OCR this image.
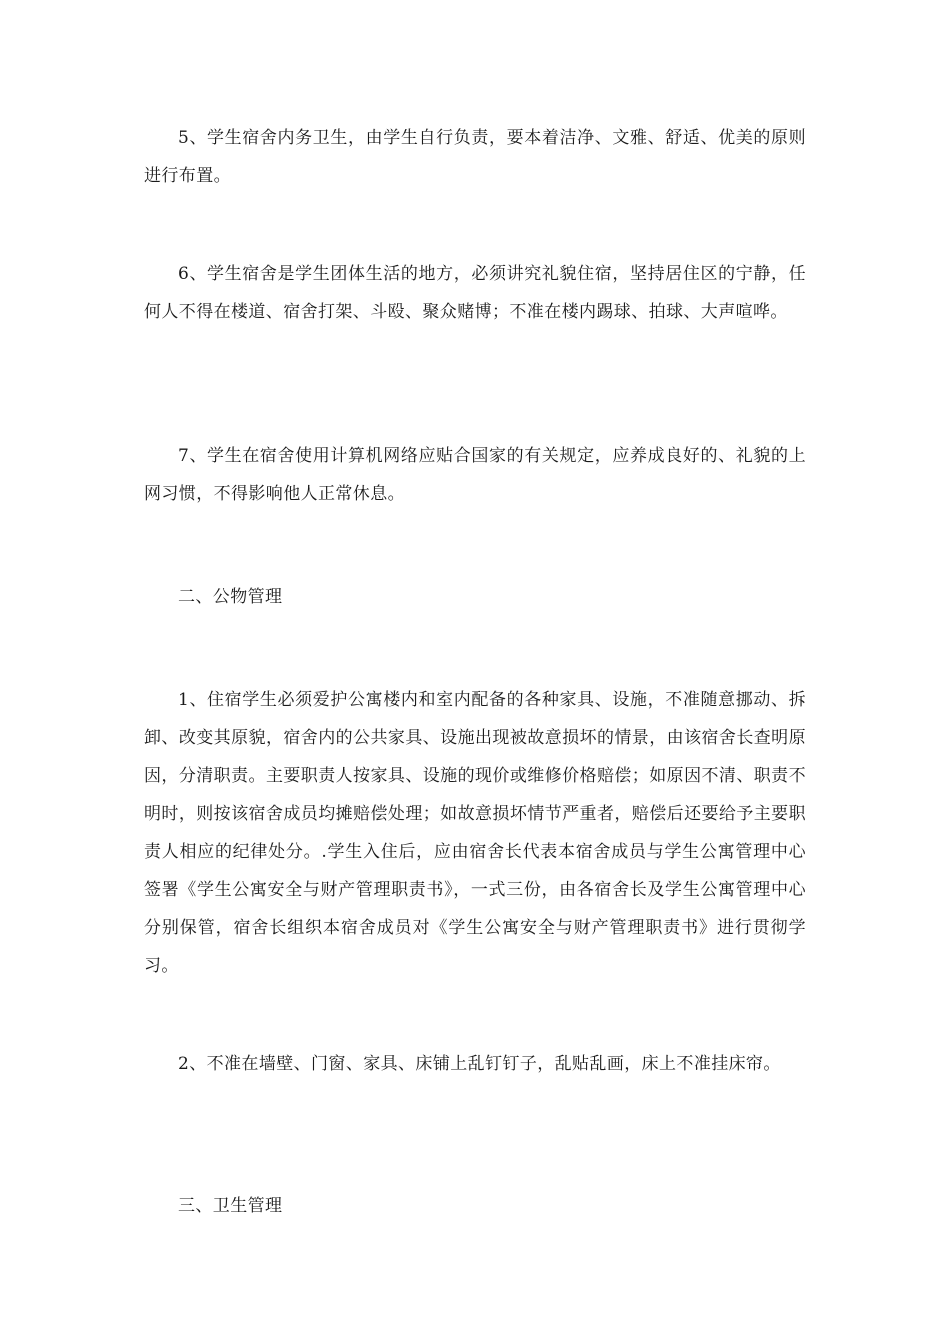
5、学生宿舍内务卫生，由学生自行负责，要本着洁净、文雅、舒适、优美的原则进行布置。

6、学生宿舍是学生团体生活的地方，必须讲究礼貌住宿，坚持居住区的宁静，任何人不得在楼道、宿舍打架、斗殴、聚众赌博；不准在楼内踢球、拍球、大声喧哗。

7、学生在宿舍使用计算机网络应贴合国家的有关规定，应养成良好的、礼貌的上网习惯，不得影响他人正常休息。

二、公物管理

1、住宿学生必须爱护公寓楼内和室内配备的各种家具、设施，不准随意挪动、拆卸、改变其原貌，宿舍内的公共家具、设施出现被故意损坏的情景，由该宿舍长查明原因，分清职责。主要职责人按家具、设施的现价或维修价格赔偿；如原因不清、职责不明时，则按该宿舍成员均摊赔偿处理；如故意损坏情节严重者，赔偿后还要给予主要职责人相应的纪律处分。.学生入住后，应由宿舍长代表本宿舍成员与学生公寓管理中心签署《学生公寓安全与财产管理职责书》，一式三份，由各宿舍长及学生公寓管理中心分别保管，宿舍长组织本宿舍成员对《学生公寓安全与财产管理职责书》进行贯彻学习。

2、不准在墙壁、门窗、家具、床铺上乱钉钉子，乱贴乱画，床上不准挂床帘。

三、卫生管理
